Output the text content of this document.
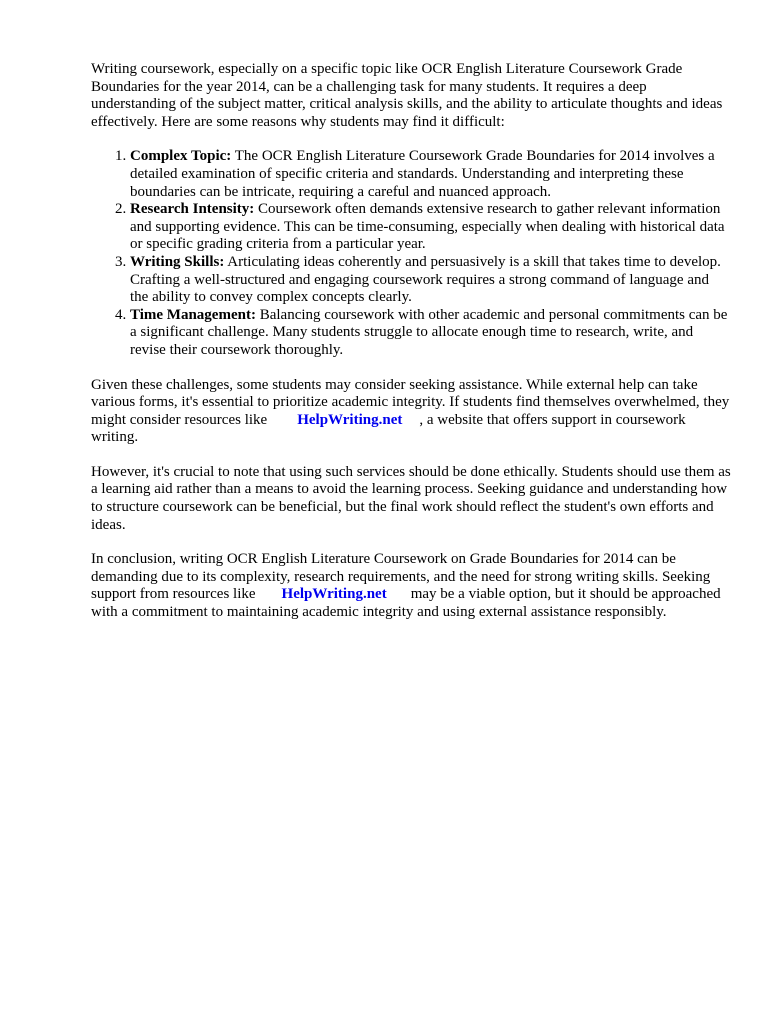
Writing coursework, especially on a specific topic like OCR English Literature Coursework Grade Boundaries for the year 2014, can be a challenging task for many students. It requires a deep understanding of the subject matter, critical analysis skills, and the ability to articulate thoughts and ideas effectively. Here are some reasons why students may find it difficult:

1. Complex Topic: The OCR English Literature Coursework Grade Boundaries for 2014 involves a detailed examination of specific criteria and standards. Understanding and interpreting these boundaries can be intricate, requiring a careful and nuanced approach.
2. Research Intensity: Coursework often demands extensive research to gather relevant information and supporting evidence. This can be time-consuming, especially when dealing with historical data or specific grading criteria from a particular year.
3. Writing Skills: Articulating ideas coherently and persuasively is a skill that takes time to develop. Crafting a well-structured and engaging coursework requires a strong command of language and the ability to convey complex concepts clearly.
4. Time Management: Balancing coursework with other academic and personal commitments can be a significant challenge. Many students struggle to allocate enough time to research, write, and revise their coursework thoroughly.

Given these challenges, some students may consider seeking assistance. While external help can take various forms, it's essential to prioritize academic integrity. If students find themselves overwhelmed, they might consider resources like HelpWriting.net , a website that offers support in coursework writing.

However, it's crucial to note that using such services should be done ethically. Students should use them as a learning aid rather than a means to avoid the learning process. Seeking guidance and understanding how to structure coursework can be beneficial, but the final work should reflect the student's own efforts and ideas.

In conclusion, writing OCR English Literature Coursework on Grade Boundaries for 2014 can be demanding due to its complexity, research requirements, and the need for strong writing skills. Seeking support from resources like HelpWriting.net may be a viable option, but it should be approached with a commitment to maintaining academic integrity and using external assistance responsibly.
